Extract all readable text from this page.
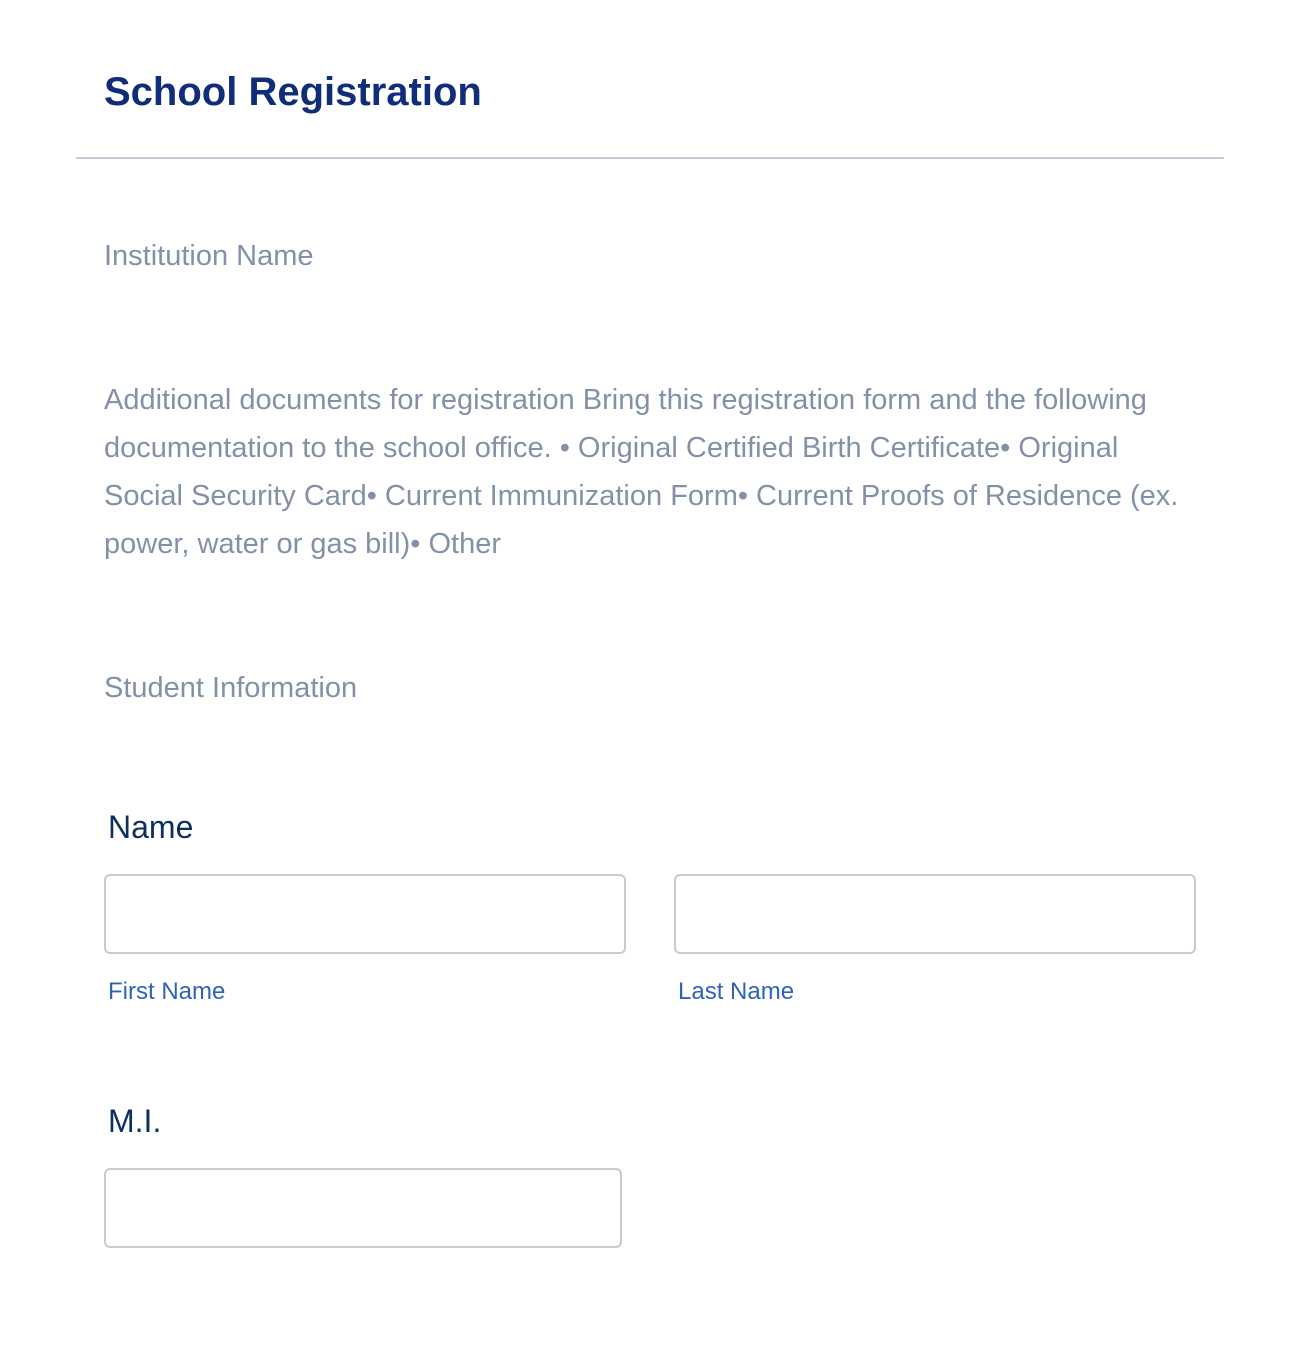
School Registration

Institution Name

Additional documents for registration Bring this registration form and the following documentation to the school office. • Original Certified Birth Certificate• Original Social Security Card• Current Immunization Form• Current Proofs of Residence (ex. power, water or gas bill)• Other

Student Information

Name
First Name	Last Name
M.I.
